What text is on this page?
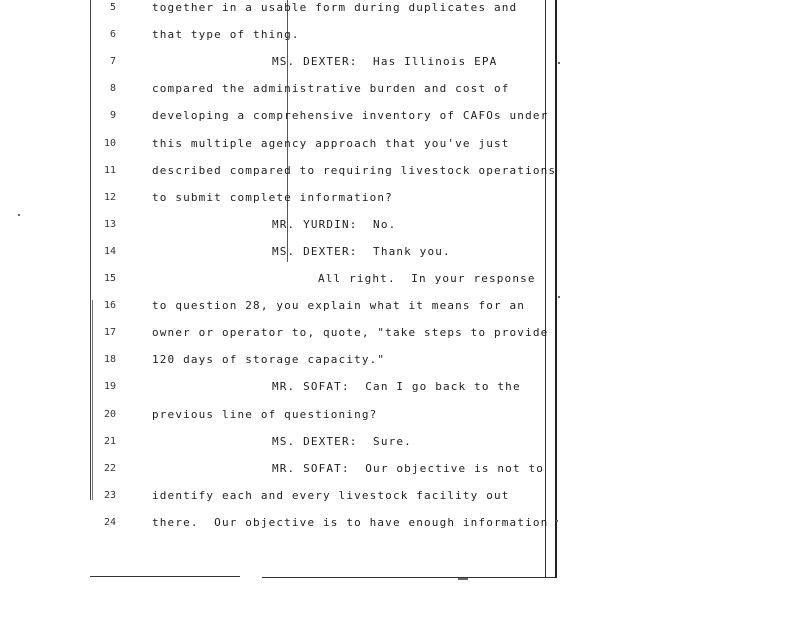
5	together in a usable form during duplicates and
6	that type of thing.
7	MS. DEXTER:  Has Illinois EPA
8	compared the administrative burden and cost of
9	developing a comprehensive inventory of CAFOs under
10	this multiple agency approach that you've just
11	described compared to requiring livestock operations
12	to submit complete information?
13	MR. YURDIN:  No.
14	MS. DEXTER:  Thank you.
15	All right.  In your response
16	to question 28, you explain what it means for an
17	owner or operator to, quote, "take steps to provide
18	120 days of storage capacity."
19	MR. SOFAT:  Can I go back to the
20	previous line of questioning?
21	MS. DEXTER:  Sure.
22	MR. SOFAT:  Our objective is not to
23	identify each and every livestock facility out
24	there.  Our objective is to have enough information
